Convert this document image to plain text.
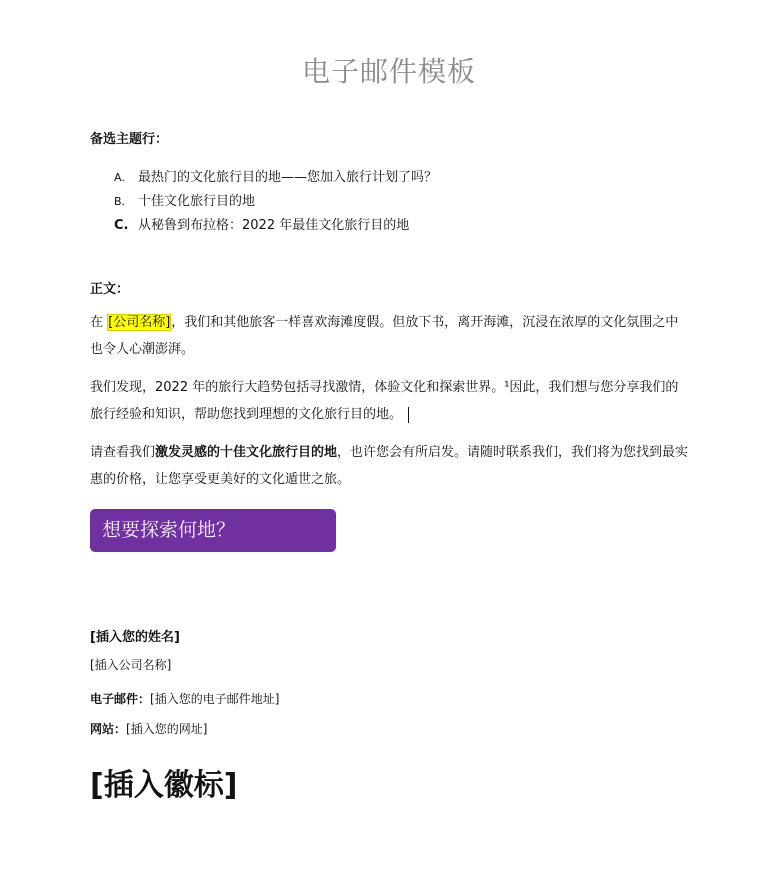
电子邮件模板
备选主题行：
A.	最热门的文化旅行目的地——您加入旅行计划了吗？
B. 十佳文化旅行目的地
C. 从秘鲁到布拉格：2022 年最佳文化旅行目的地
正文：
在 [公司名称]，我们和其他旅客一样喜欢海滩度假。但放下书，离开海滩，沉浸在浓厚的文化氛围之中也令人心潮澎湃。
我们发现，2022 年的旅行大趋势包括寻找激情，体验文化和探索世界。¹因此，我们想与您分享我们的旅行经验和知识，帮助您找到理想的文化旅行目的地。
请查看我们激发灵感的十佳文化旅行目的地，也许您会有所启发。请随时联系我们，我们将为您找到最实惠的价格，让您享受更美好的文化遁世之旅。
想要探索何地？
[插入您的姓名]
[插入公司名称]
电子邮件：[插入您的电子邮件地址]
网站：[插入您的网址]
[插入徽标]
